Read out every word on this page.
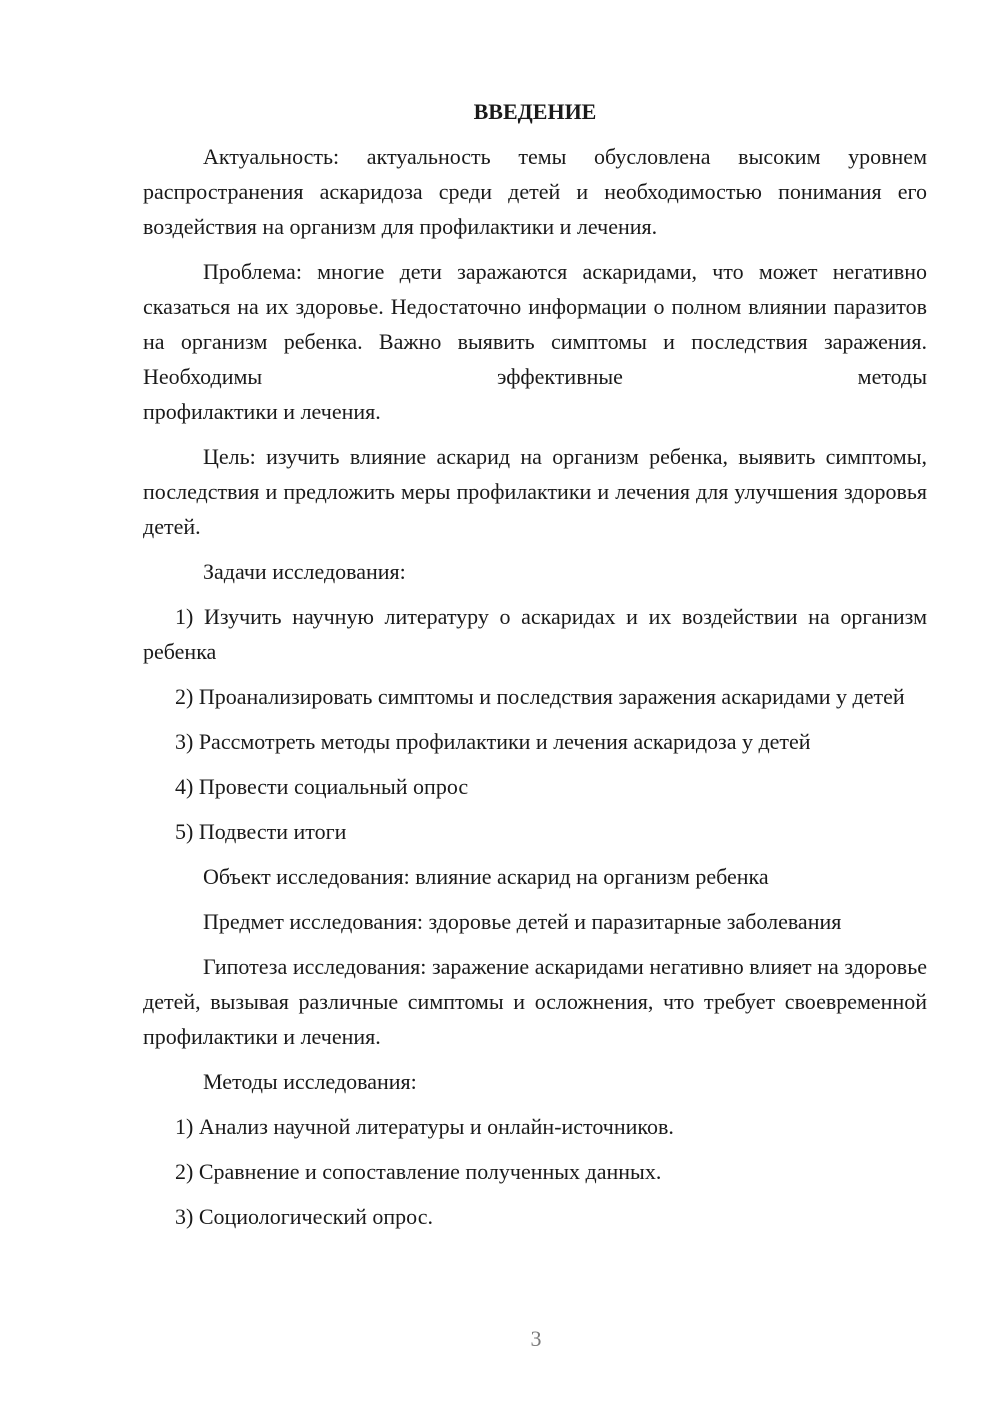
ВВЕДЕНИЕ
Актуальность: актуальность темы обусловлена высоким уровнем распространения аскаридоза среди детей и необходимостью понимания его воздействия на организм для профилактики и лечения.
Проблема: многие дети заражаются аскаридами, что может негативно сказаться на их здоровье. Недостаточно информации о полном влиянии паразитов на организм ребенка. Важно выявить симптомы и последствия заражения. Необходимы эффективные методы
профилактики и лечения.
Цель: изучить влияние аскарид на организм ребенка, выявить симптомы, последствия и предложить меры профилактики и лечения для улучшения здоровья детей.
Задачи исследования:
1) Изучить научную литературу о аскаридах и их воздействии на организм ребенка
2) Проанализировать симптомы и последствия заражения аскаридами у детей
3) Рассмотреть методы профилактики и лечения аскаридоза у детей
4) Провести социальный опрос
5) Подвести итоги
Объект исследования: влияние аскарид на организм ребенка
Предмет исследования: здоровье детей и паразитарные заболевания
Гипотеза исследования: заражение аскаридами негативно влияет на здоровье детей, вызывая различные симптомы и осложнения, что требует своевременной профилактики и лечения.
Методы исследования:
1) Анализ научной литературы и онлайн-источников.
2) Сравнение и сопоставление полученных данных.
3) Социологический опрос.
3
